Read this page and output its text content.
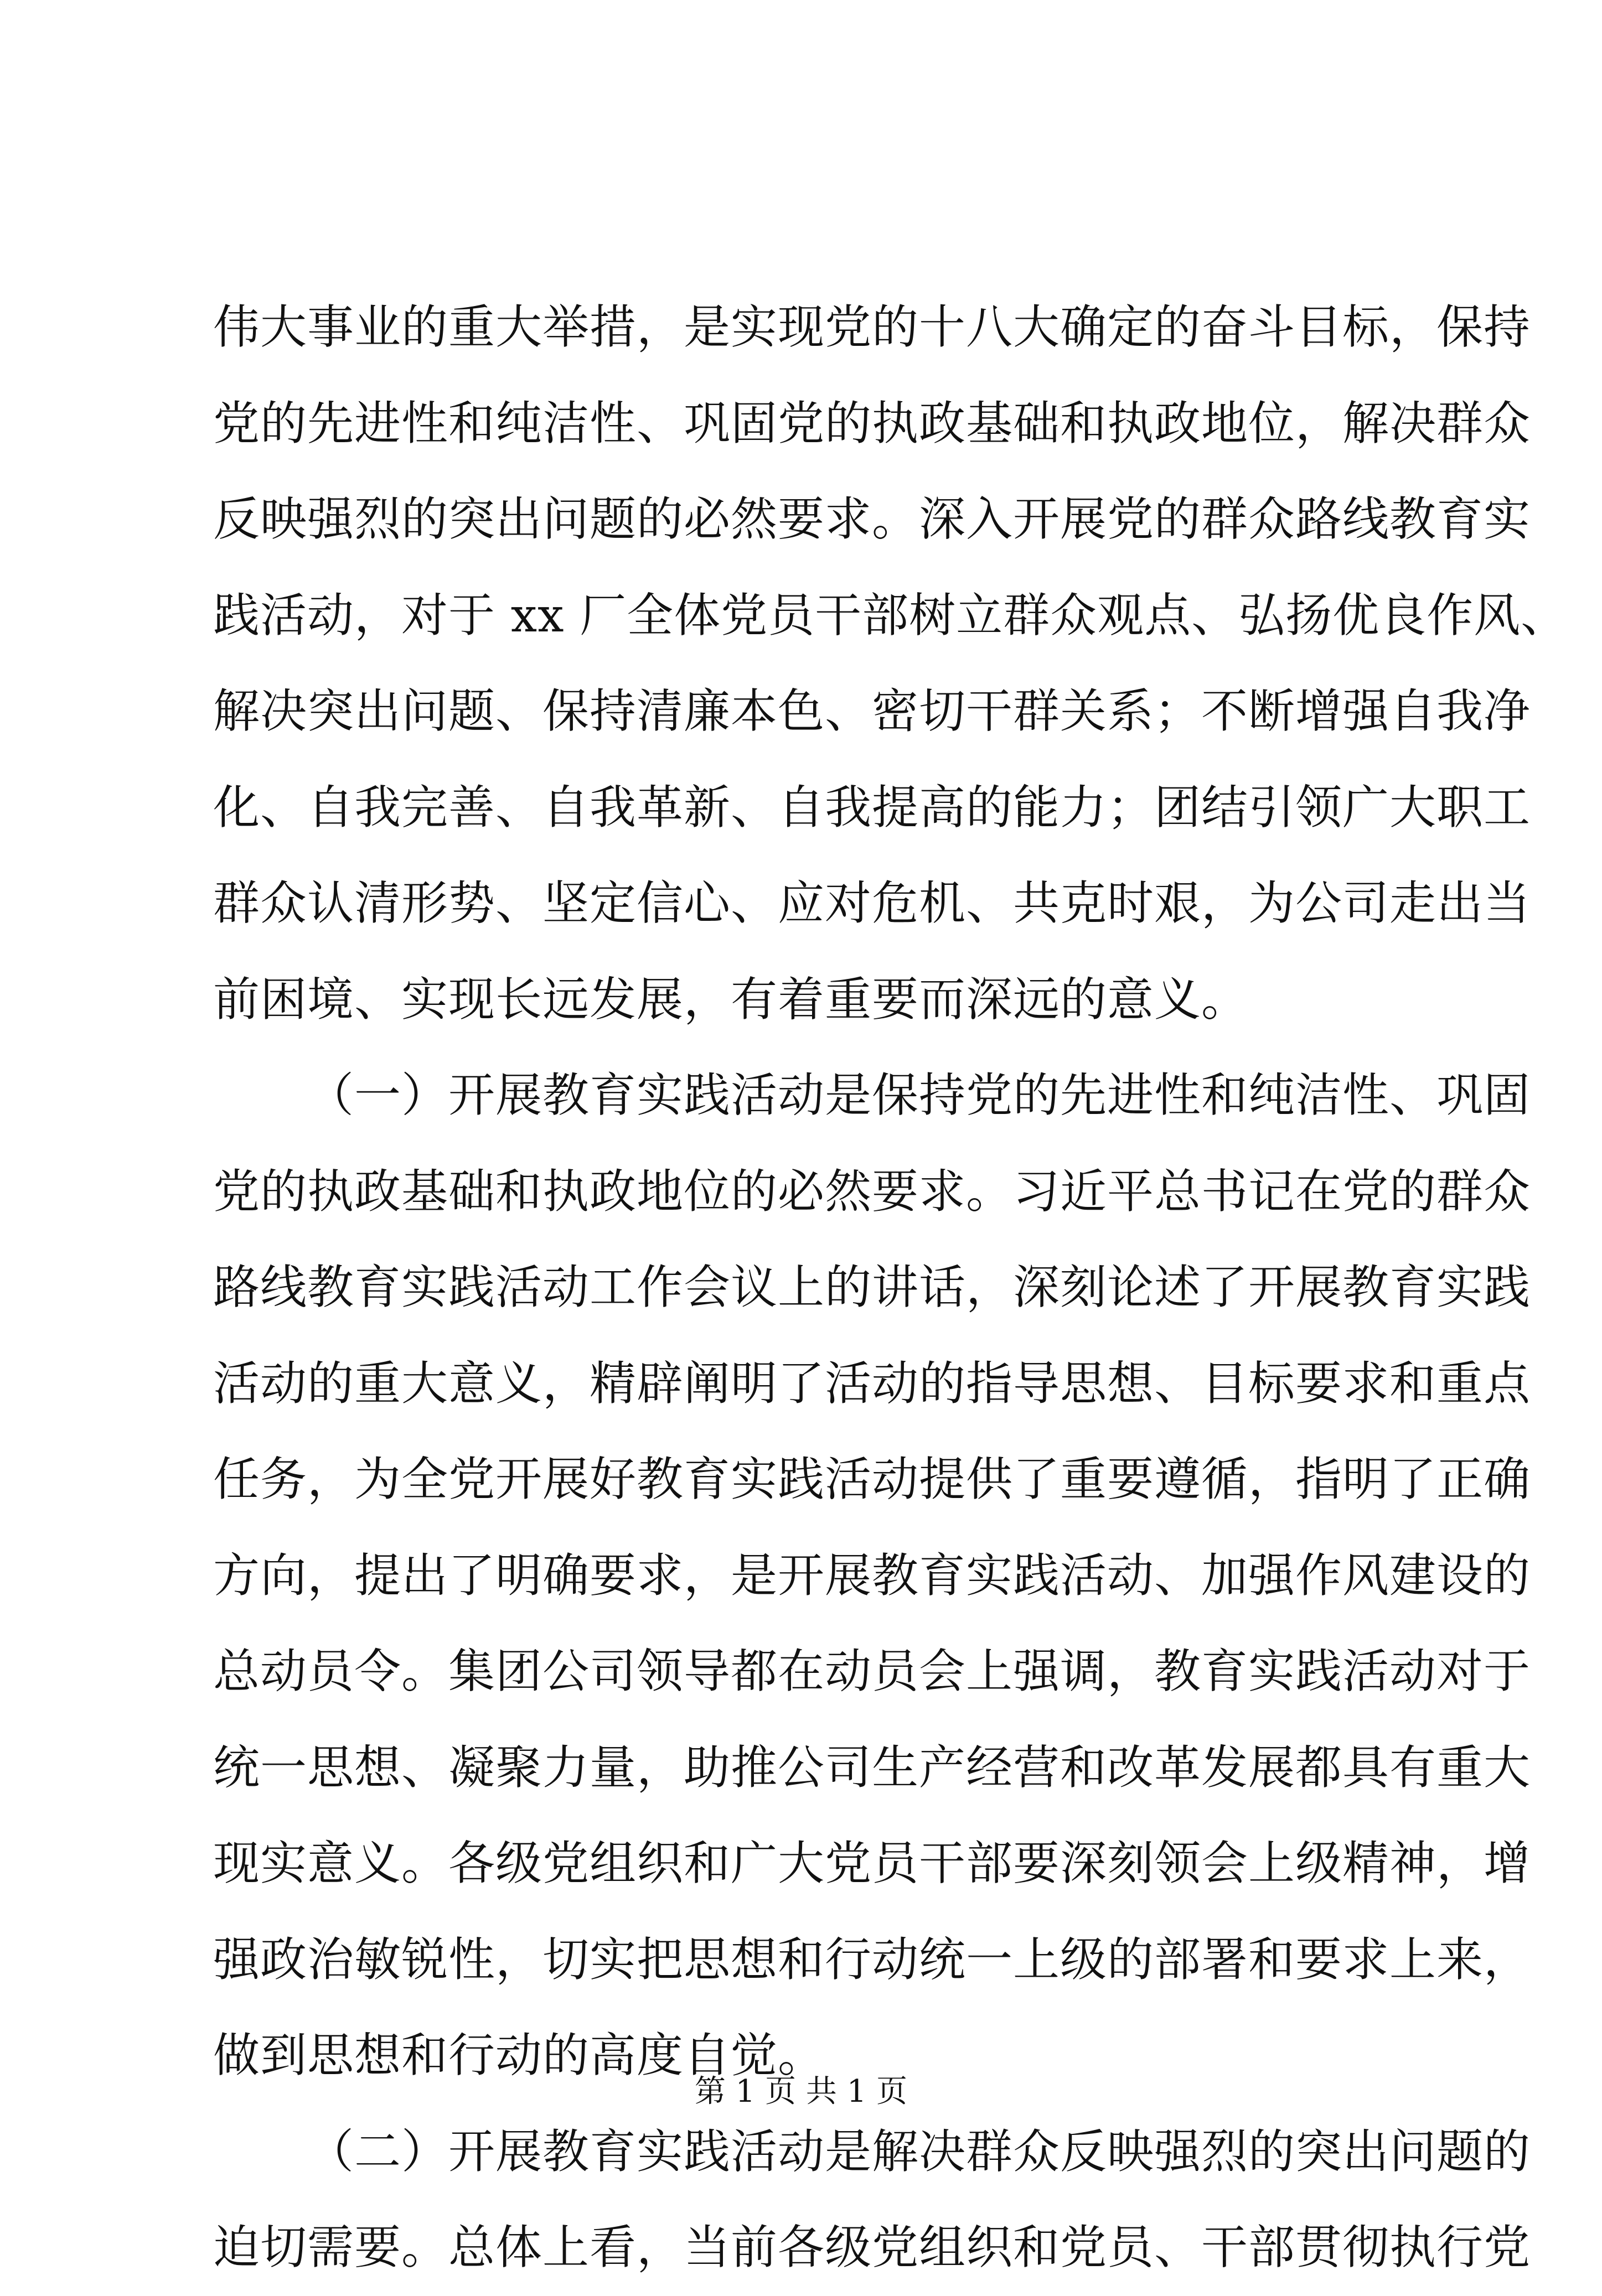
伟大事业的重大举措，是实现党的十八大确定的奋斗目标，保持
党的先进性和纯洁性、巩固党的执政基础和执政地位，解决群众
反映强烈的突出问题的必然要求。深入开展党的群众路线教育实
践活动，对于 xx 厂全体党员干部树立群众观点、弘扬优良作风、
解决突出问题、保持清廉本色、密切干群关系；不断增强自我净
化、自我完善、自我革新、自我提高的能力；团结引领广大职工
群众认清形势、坚定信心、应对危机、共克时艰，为公司走出当
前困境、实现长远发展，有着重要而深远的意义。
（一）开展教育实践活动是保持党的先进性和纯洁性、巩固
党的执政基础和执政地位的必然要求。习近平总书记在党的群众
路线教育实践活动工作会议上的讲话，深刻论述了开展教育实践
活动的重大意义，精辟阐明了活动的指导思想、目标要求和重点
任务，为全党开展好教育实践活动提供了重要遵循，指明了正确
方向，提出了明确要求，是开展教育实践活动、加强作风建设的
总动员令。集团公司领导都在动员会上强调，教育实践活动对于
统一思想、凝聚力量，助推公司生产经营和改革发展都具有重大
现实意义。各级党组织和广大党员干部要深刻领会上级精神，增
强政治敏锐性，切实把思想和行动统一上级的部署和要求上来，
做到思想和行动的高度自觉。
（二）开展教育实践活动是解决群众反映强烈的突出问题的
迫切需要。总体上看，当前各级党组织和党员、干部贯彻执行党
第 1 页 共 1 页
